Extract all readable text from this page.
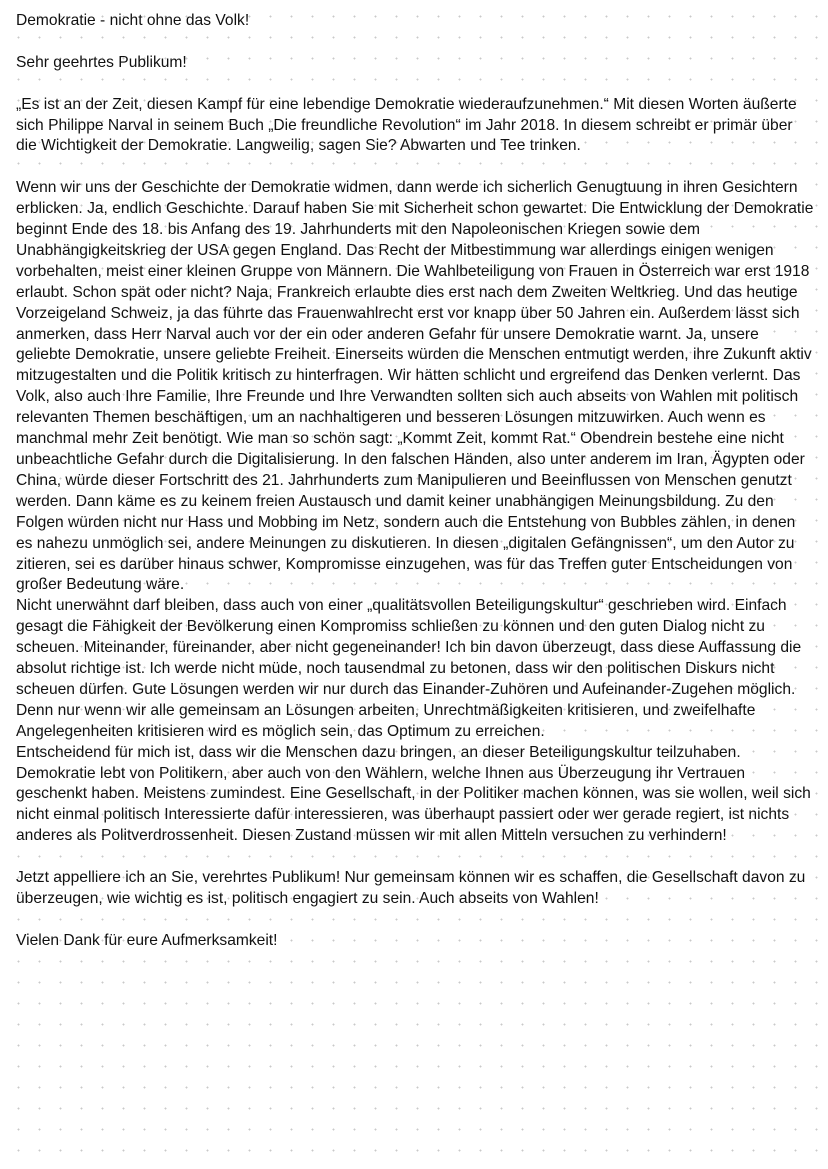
Demokratie - nicht ohne das Volk!

Sehr geehrtes Publikum!

„Es ist an der Zeit, diesen Kampf für eine lebendige Demokratie wiederaufzunehmen.“ Mit diesen Worten äußerte sich Philippe Narval in seinem Buch „Die freundliche Revolution“ im Jahr 2018. In diesem schreibt er primär über die Wichtigkeit der Demokratie. Langweilig, sagen Sie? Abwarten und Tee trinken.

Wenn wir uns der Geschichte der Demokratie widmen, dann werde ich sicherlich Genugtuung in ihren Gesichtern erblicken. Ja, endlich Geschichte. Darauf haben Sie mit Sicherheit schon gewartet. Die Entwicklung der Demokratie beginnt Ende des 18. bis Anfang des 19. Jahrhunderts mit den Napoleonischen Kriegen sowie dem Unabhängigkeitskrieg der USA gegen England. Das Recht der Mitbestimmung war allerdings einigen wenigen vorbehalten, meist einer kleinen Gruppe von Männern. Die Wahlbeteiligung von Frauen in Österreich war erst 1918 erlaubt. Schon spät oder nicht? Naja, Frankreich erlaubte dies erst nach dem Zweiten Weltkrieg. Und das heutige Vorzeigeland Schweiz, ja das führte das Frauenwahlrecht erst vor knapp über 50 Jahren ein. Außerdem lässt sich anmerken, dass Herr Narval auch vor der ein oder anderen Gefahr für unsere Demokratie warnt. Ja, unsere geliebte Demokratie, unsere geliebte Freiheit. Einerseits würden die Menschen entmutigt werden, ihre Zukunft aktiv mitzugestalten und die Politik kritisch zu hinterfragen. Wir hätten schlicht und ergreifend das Denken verlernt. Das Volk, also auch Ihre Familie, Ihre Freunde und Ihre Verwandten sollten sich auch abseits von Wahlen mit politisch relevanten Themen beschäftigen, um an nachhaltigeren und besseren Lösungen mitzuwirken. Auch wenn es manchmal mehr Zeit benötigt. Wie man so schön sagt: „Kommt Zeit, kommt Rat.“ Obendrein bestehe eine nicht unbeachtliche Gefahr durch die Digitalisierung. In den falschen Händen, also unter anderem im Iran, Ägypten oder China, würde dieser Fortschritt des 21. Jahrhunderts zum Manipulieren und Beeinflussen von Menschen genutzt werden. Dann käme es zu keinem freien Austausch und damit keiner unabhängigen Meinungsbildung. Zu den Folgen würden nicht nur Hass und Mobbing im Netz, sondern auch die Entstehung von Bubbles zählen, in denen es nahezu unmöglich sei, andere Meinungen zu diskutieren. In diesen „digitalen Gefängnissen“, um den Autor zu zitieren, sei es darüber hinaus schwer, Kompromisse einzugehen, was für das Treffen guter Entscheidungen von großer Bedeutung wäre.

Nicht unerwähnt darf bleiben, dass auch von einer „qualitätsvollen Beteiligungskultur“ geschrieben wird. Einfach gesagt die Fähigkeit der Bevölkerung einen Kompromiss schließen zu können und den guten Dialog nicht zu scheuen. Miteinander, füreinander, aber nicht gegeneinander! Ich bin davon überzeugt, dass diese Auffassung die absolut richtige ist. Ich werde nicht müde, noch tausendmal zu betonen, dass wir den politischen Diskurs nicht scheuen dürfen. Gute Lösungen werden wir nur durch das Einander-Zuhören und Aufeinander-Zugehen möglich. Denn nur wenn wir alle gemeinsam an Lösungen arbeiten, Unrechtmäßigkeiten kritisieren, und zweifelhafte Angelegenheiten kritisieren wird es möglich sein, das Optimum zu erreichen.

Entscheidend für mich ist, dass wir die Menschen dazu bringen, an dieser Beteiligungskultur teilzuhaben. Demokratie lebt von Politikern, aber auch von den Wählern, welche Ihnen aus Überzeugung ihr Vertrauen geschenkt haben. Meistens zumindest. Eine Gesellschaft, in der Politiker machen können, was sie wollen, weil sich nicht einmal politisch Interessierte dafür interessieren, was überhaupt passiert oder wer gerade regiert, ist nichts anderes als Politverdrossenheit. Diesen Zustand müssen wir mit allen Mitteln versuchen zu verhindern!

Jetzt appelliere ich an Sie, verehrtes Publikum! Nur gemeinsam können wir es schaffen, die Gesellschaft davon zu überzeugen, wie wichtig es ist, politisch engagiert zu sein. Auch abseits von Wahlen!

Vielen Dank für eure Aufmerksamkeit!
